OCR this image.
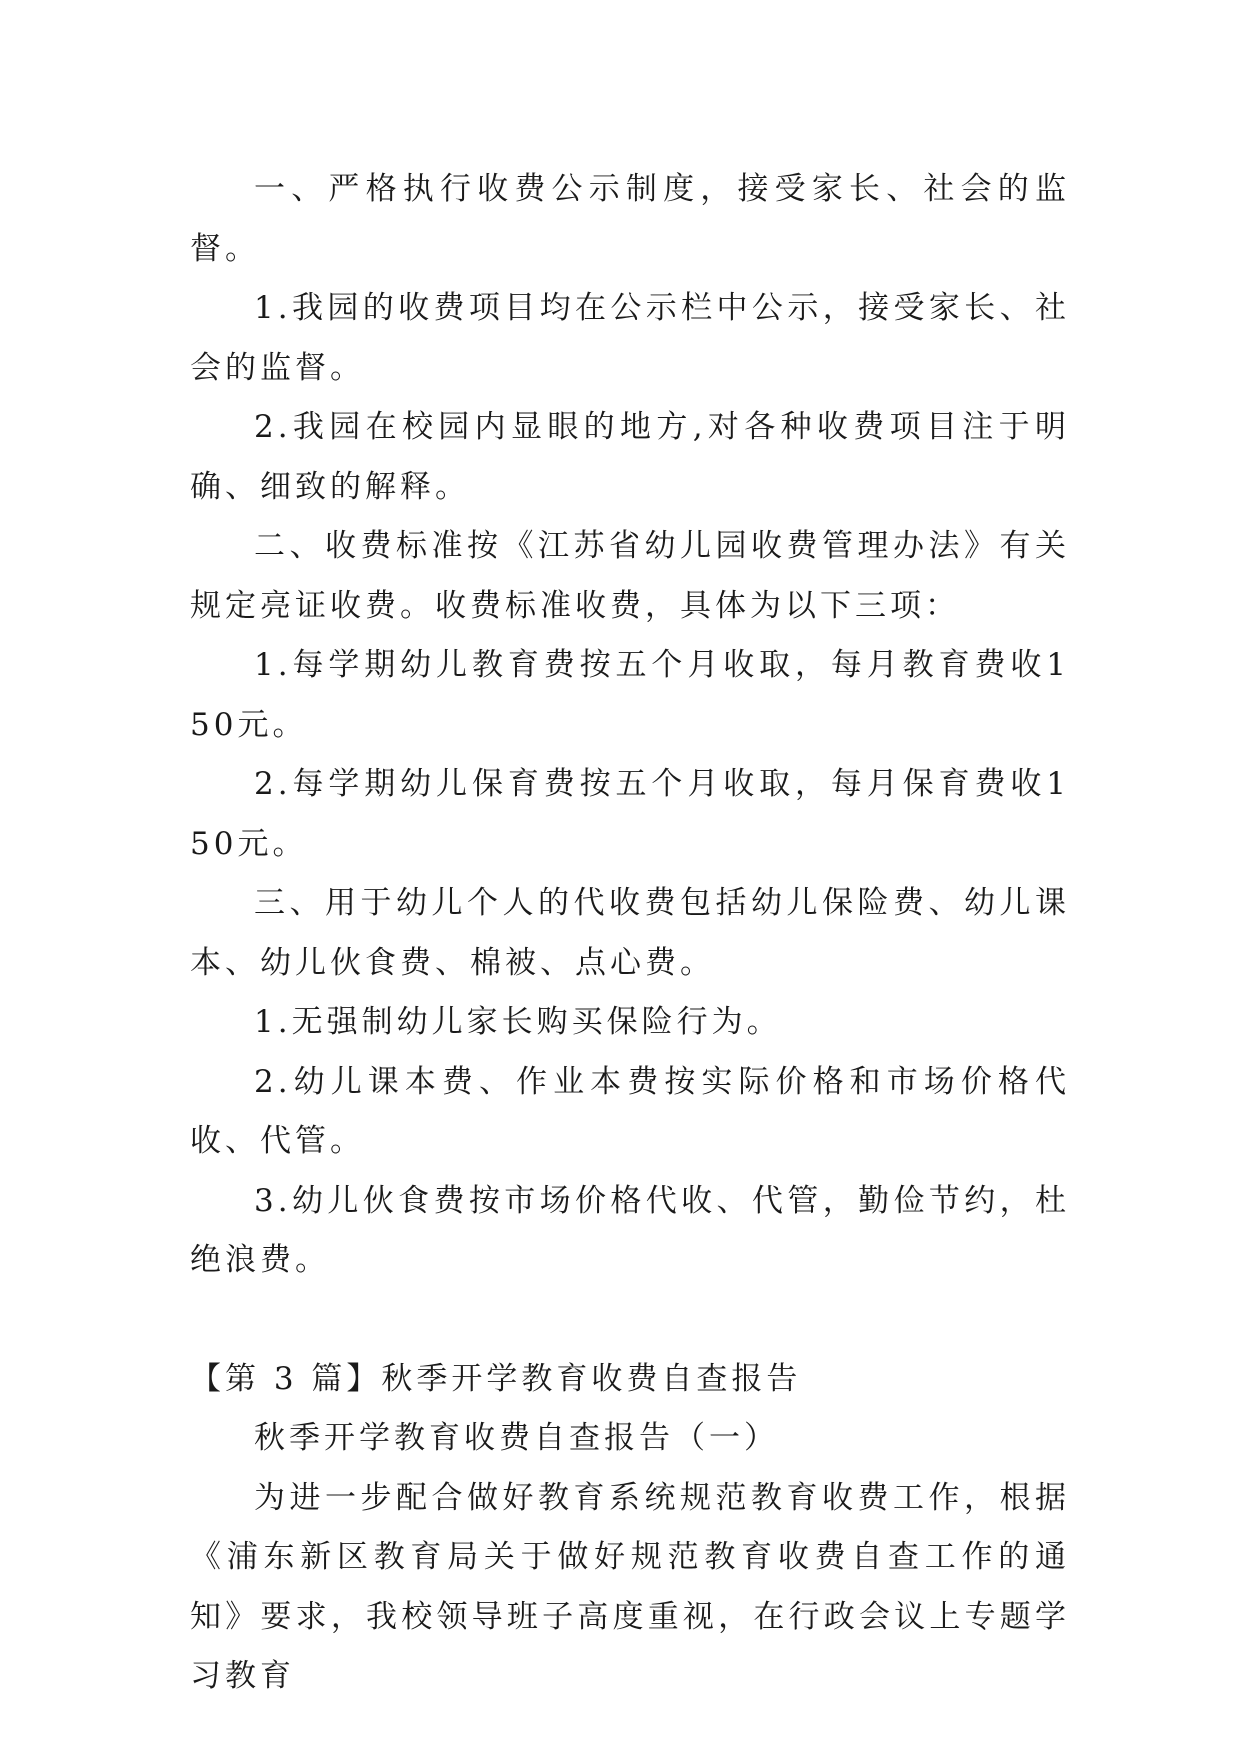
一、严格执行收费公示制度，接受家长、社会的监督。

1.我园的收费项目均在公示栏中公示，接受家长、社会的监督。

2.我园在校园内显眼的地方,对各种收费项目注于明确、细致的解释。

二、收费标准按《江苏省幼儿园收费管理办法》有关规定亮证收费。收费标准收费，具体为以下三项：

1.每学期幼儿教育费按五个月收取，每月教育费收150元。

2.每学期幼儿保育费按五个月收取，每月保育费收150元。

三、用于幼儿个人的代收费包括幼儿保险费、幼儿课本、幼儿伙食费、棉被、点心费。

1.无强制幼儿家长购买保险行为。

2.幼儿课本费、作业本费按实际价格和市场价格代收、代管。

3.幼儿伙食费按市场价格代收、代管，勤俭节约，杜绝浪费。

【第 3 篇】秋季开学教育收费自查报告

秋季开学教育收费自查报告（一）

为进一步配合做好教育系统规范教育收费工作，根据《浦东新区教育局关于做好规范教育收费自查工作的通知》要求，我校领导班子高度重视，在行政会议上专题学习教育
